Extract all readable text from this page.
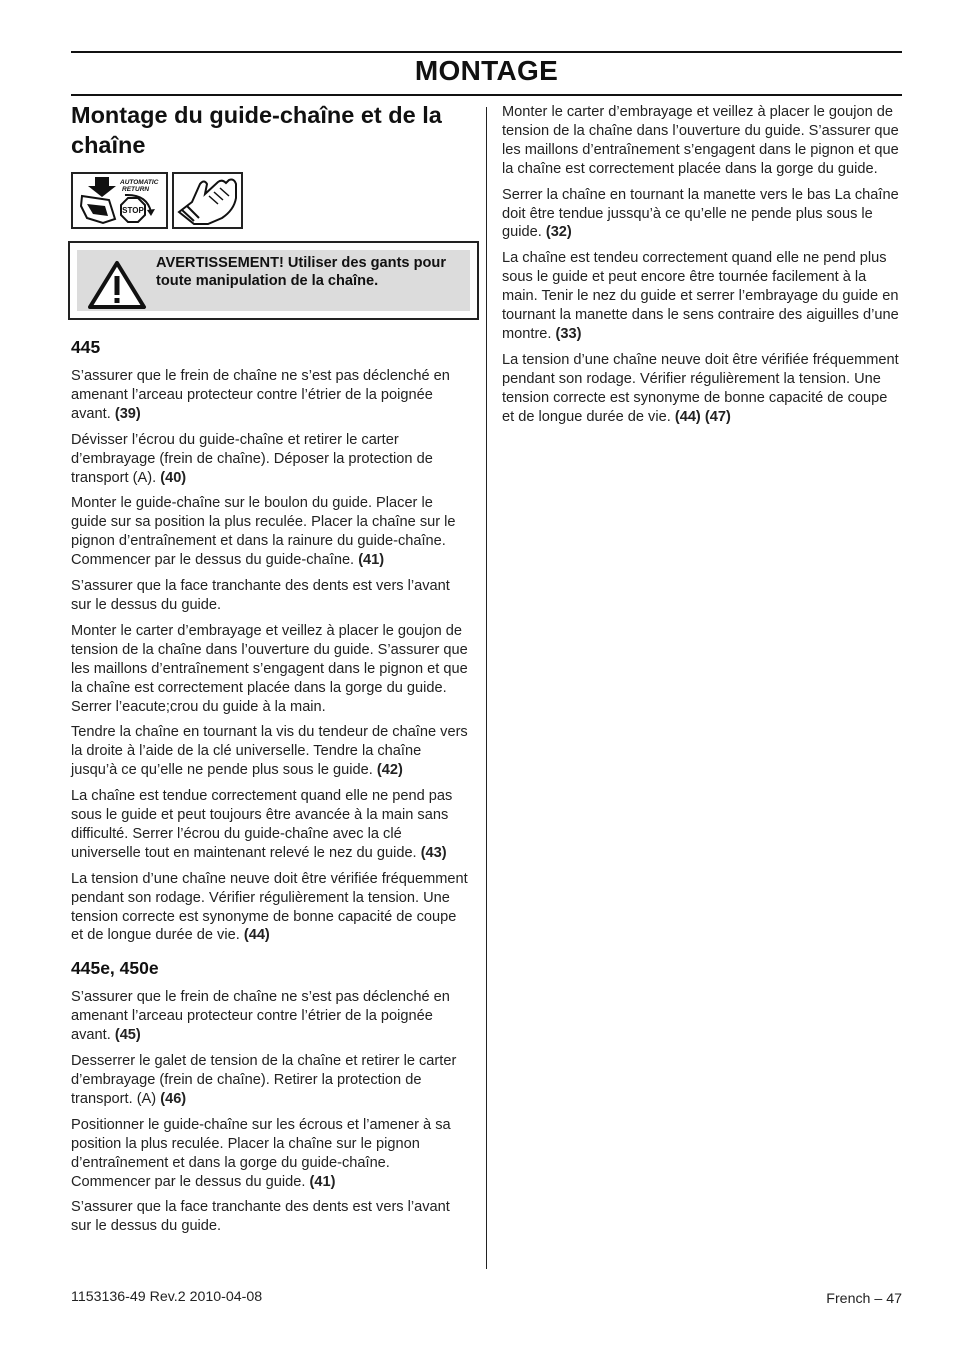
MONTAGE
Montage du guide-chaîne et de la chaîne
AUTOMATIC
RETURN
STOP
AVERTISSEMENT! Utiliser des gants pour toute manipulation de la chaîne.
445

S’assurer que le frein de chaîne ne s’est pas déclenché en amenant l’arceau protecteur contre l’étrier de la poignée avant. (39)

Dévisser l’écrou du guide-chaîne et retirer le carter d’embrayage (frein de chaîne). Déposer la protection de transport (A). (40)

Monter le guide-chaîne sur le boulon du guide. Placer le guide sur sa position la plus reculée. Placer la chaîne sur le pignon d’entraînement et dans la rainure du guide-chaîne. Commencer par le dessus du guide-chaîne. (41)

S’assurer que la face tranchante des dents est vers l’avant sur le dessus du guide.

Monter le carter d’embrayage et veillez à placer le goujon de tension de la chaîne dans l’ouverture du guide. S’assurer que les maillons d’entraînement s’engagent dans le pignon et que la chaîne est correctement placée dans la gorge du guide. Serrer l’eacute;crou du guide à la main.

Tendre la chaîne en tournant la vis du tendeur de chaîne vers la droite à l’aide de la clé universelle. Tendre la chaîne jusqu’à ce qu’elle ne pende plus sous le guide. (42)

La chaîne est tendue correctement quand elle ne pend pas sous le guide et peut toujours être avancée à la main sans difficulté. Serrer l’écrou du guide-chaîne avec la clé universelle tout en maintenant relevé le nez du guide. (43)

La tension d’une chaîne neuve doit être vérifiée fréquemment pendant son rodage. Vérifier régulièrement la tension. Une tension correcte est synonyme de bonne capacité de coupe et de longue durée de vie. (44)

445e, 450e

S’assurer que le frein de chaîne ne s’est pas déclenché en amenant l’arceau protecteur contre l’étrier de la poignée avant. (45)

Desserrer le galet de tension de la chaîne et retirer le carter d’embrayage (frein de chaîne). Retirer la protection de transport. (A) (46)

Positionner le guide-chaîne sur les écrous et l’amener à sa position la plus reculée. Placer la chaîne sur le pignon d’entraînement et dans la gorge du guide-chaîne. Commencer par le dessus du guide. (41)

S’assurer que la face tranchante des dents est vers l’avant sur le dessus du guide.

Monter le carter d’embrayage et veillez à placer le goujon de tension de la chaîne dans l’ouverture du guide. S’assurer que les maillons d’entraînement s’engagent dans le pignon et que la chaîne est correctement placée dans la gorge du guide.

Serrer la chaîne en tournant la manette vers le bas La chaîne doit être tendue jussqu’à ce qu’elle ne pende plus sous le guide. (32)

La chaîne est tendeu correctement quand elle ne pend plus sous le guide et peut encore être tournée facilement à la main. Tenir le nez du guide et serrer l’embrayage du guide en tournant la manette dans le sens contraire des aiguilles d’une montre. (33)

La tension d’une chaîne neuve doit être vérifiée fréquemment pendant son rodage. Vérifier régulièrement la tension. Une tension correcte est synonyme de bonne capacité de coupe et de longue durée de vie. (44) (47)

1153136-49 Rev.2 2010-04-08	French – 47
